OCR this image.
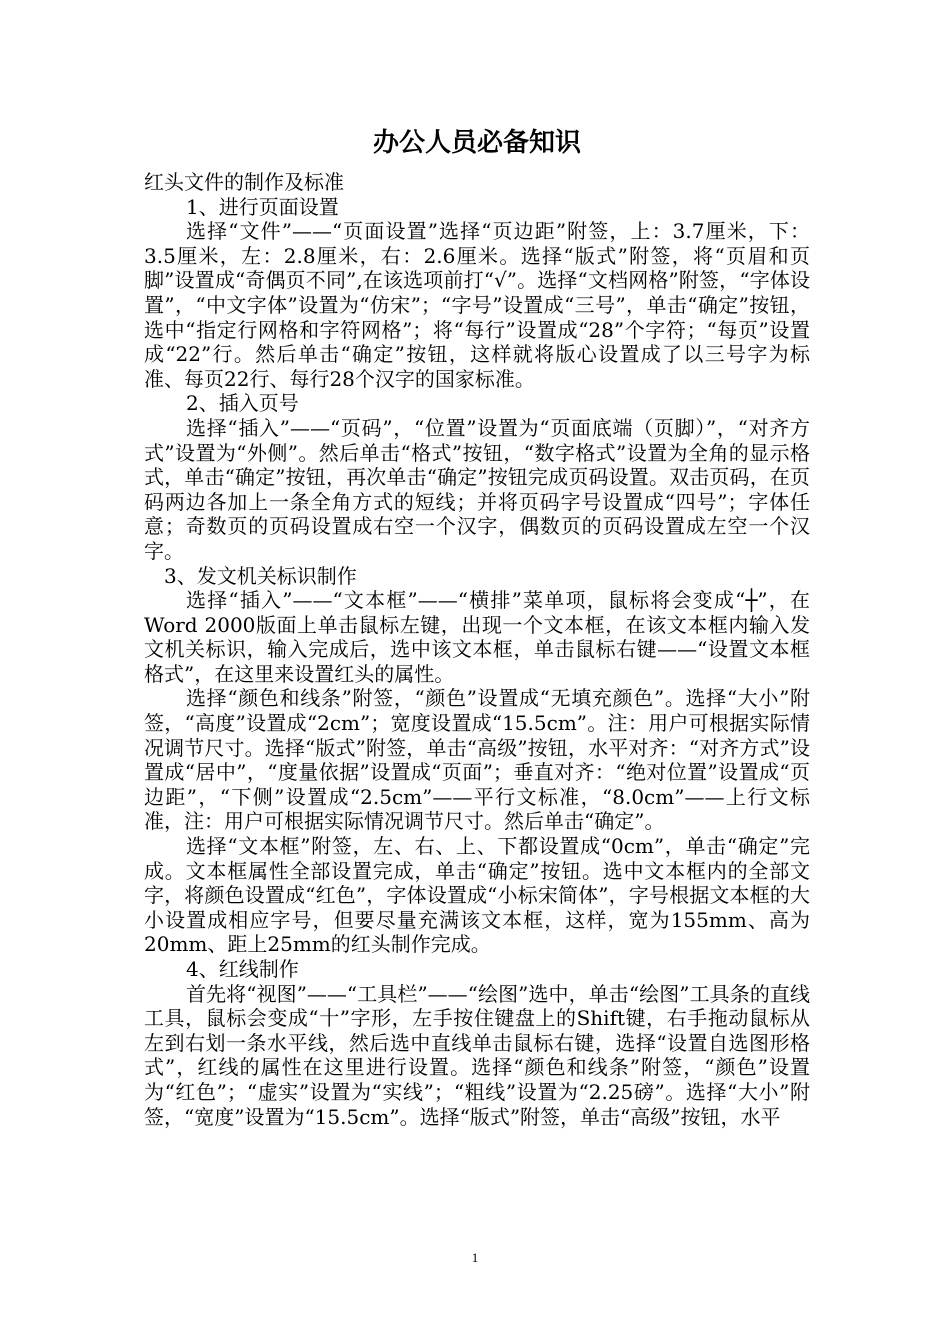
办公人员必备知识

红头文件的制作及标准

1、进行页面设置

选择“文件”——“页面设置”选择“页边距”附签，上：3.7厘米，下：3.5厘米，左：2.8厘米，右：2.6厘米。选择“版式”附签，将“页眉和页脚”设置成“奇偶页不同”,在该选项前打“√”。选择“文档网格”附签，“字体设置”，“中文字体”设置为“仿宋”；“字号”设置成“三号”，单击“确定”按钮，选中“指定行网格和字符网格”；将“每行”设置成“28”个字符；“每页”设置成“22”行。然后单击“确定”按钮，这样就将版心设置成了以三号字为标准、每页22行、每行28个汉字的国家标准。

2、插入页号

选择“插入”——“页码”，“位置”设置为“页面底端（页脚）”，“对齐方式”设置为“外侧”。然后单击“格式”按钮，“数字格式”设置为全角的显示格式，单击“确定”按钮，再次单击“确定”按钮完成页码设置。双击页码，在页码两边各加上一条全角方式的短线；并将页码字号设置成“四号”；字体任意；奇数页的页码设置成右空一个汉字，偶数页的页码设置成左空一个汉字。

3、发文机关标识制作

选择“插入”——“文本框”——“横排”菜单项，鼠标将会变成“┼”，在Word 2000版面上单击鼠标左键，出现一个文本框，在该文本框内输入发文机关标识，输入完成后，选中该文本框，单击鼠标右键——“设置文本框格式”，在这里来设置红头的属性。

选择“颜色和线条”附签，“颜色”设置成“无填充颜色”。选择“大小”附签，“高度”设置成“2cm”；宽度设置成“15.5cm”。注：用户可根据实际情况调节尺寸。选择“版式”附签，单击“高级”按钮，水平对齐：“对齐方式”设置成“居中”，“度量依据”设置成“页面”；垂直对齐：“绝对位置”设置成“页边距”，“下侧”设置成“2.5cm”——平行文标准，“8.0cm”——上行文标准，注：用户可根据实际情况调节尺寸。然后单击“确定”。

选择“文本框”附签，左、右、上、下都设置成“0cm”，单击“确定”完成。文本框属性全部设置完成，单击“确定”按钮。选中文本框内的全部文字，将颜色设置成“红色”，字体设置成“小标宋简体”，字号根据文本框的大小设置成相应字号，但要尽量充满该文本框，这样，宽为155mm、高为20mm、距上25mm的红头制作完成。

4、红线制作

首先将“视图”——“工具栏”——“绘图”选中，单击“绘图”工具条的直线工具，鼠标会变成“十”字形，左手按住键盘上的Shift键，右手拖动鼠标从左到右划一条水平线，然后选中直线单击鼠标右键，选择“设置自选图形格式”，红线的属性在这里进行设置。选择“颜色和线条”附签，“颜色”设置为“红色”；“虚实”设置为“实线”；“粗线”设置为“2.25磅”。选择“大小”附签，“宽度”设置为“15.5cm”。选择“版式”附签，单击“高级”按钮，水平

1
